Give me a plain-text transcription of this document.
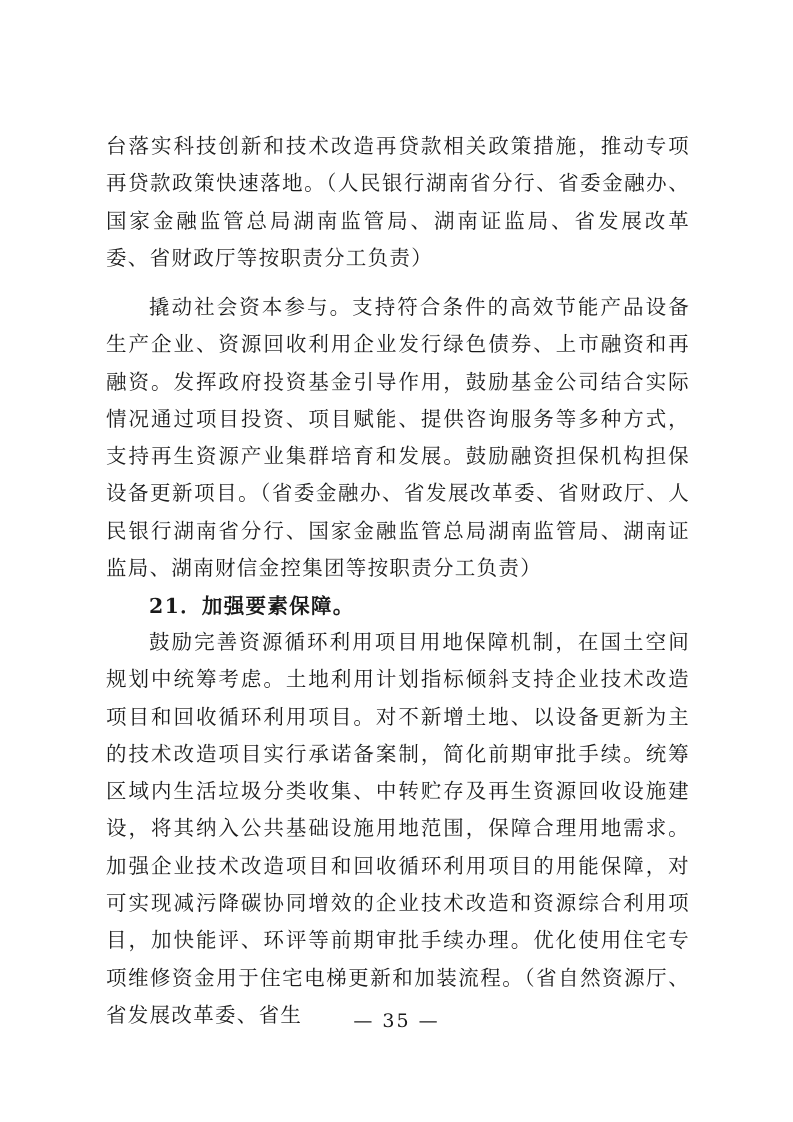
台落实科技创新和技术改造再贷款相关政策措施，推动专项再贷款政策快速落地。（人民银行湖南省分行、省委金融办、国家金融监管总局湖南监管局、湖南证监局、省发展改革委、省财政厅等按职责分工负责）

撬动社会资本参与。支持符合条件的高效节能产品设备生产企业、资源回收利用企业发行绿色债券、上市融资和再融资。发挥政府投资基金引导作用，鼓励基金公司结合实际情况通过项目投资、项目赋能、提供咨询服务等多种方式，支持再生资源产业集群培育和发展。鼓励融资担保机构担保设备更新项目。（省委金融办、省发展改革委、省财政厅、人民银行湖南省分行、国家金融监管总局湖南监管局、湖南证监局、湖南财信金控集团等按职责分工负责）

21．加强要素保障。

鼓励完善资源循环利用项目用地保障机制，在国土空间规划中统筹考虑。土地利用计划指标倾斜支持企业技术改造项目和回收循环利用项目。对不新增土地、以设备更新为主的技术改造项目实行承诺备案制，简化前期审批手续。统筹区域内生活垃圾分类收集、中转贮存及再生资源回收设施建设，将其纳入公共基础设施用地范围，保障合理用地需求。加强企业技术改造项目和回收循环利用项目的用能保障，对可实现减污降碳协同增效的企业技术改造和资源综合利用项目，加快能评、环评等前期审批手续办理。优化使用住宅专项维修资金用于住宅电梯更新和加装流程。（省自然资源厅、省发展改革委、省生	— 35 —
